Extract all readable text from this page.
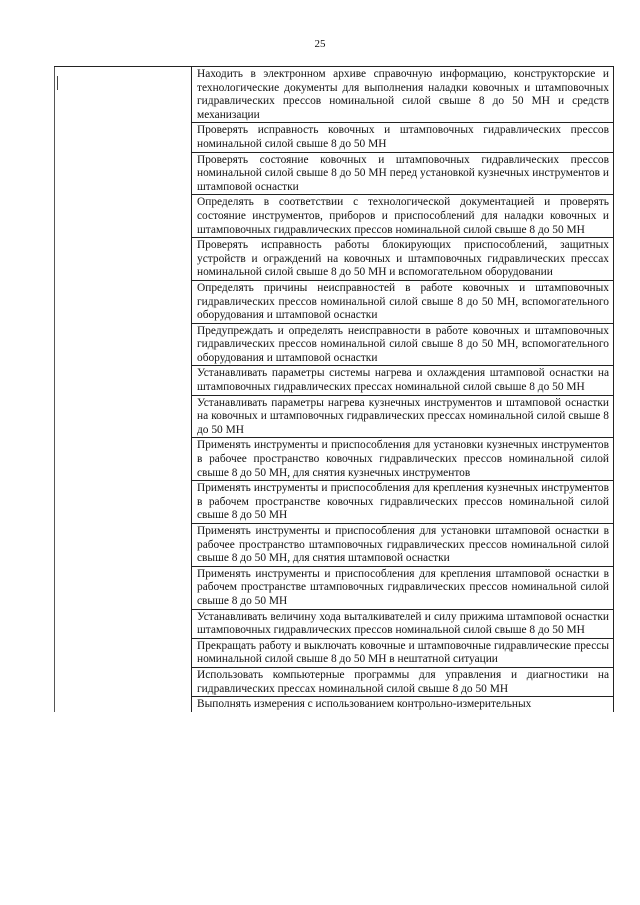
25
	Находить в электронном архиве справочную информацию, конструкторские и технологические документы для выполнения наладки ковочных и штамповочных гидравлических прессов номинальной силой свыше 8 до 50 МН и средств механизации
Проверять исправность ковочных и штамповочных гидравлических прессов номинальной силой свыше 8 до 50 МН
Проверять состояние ковочных и штамповочных гидравлических прессов номинальной силой свыше 8 до 50 МН перед установкой кузнечных инструментов и штамповой оснастки
Определять в соответствии с технологической документацией и проверять состояние инструментов, приборов и приспособлений для наладки ковочных и штамповочных гидравлических прессов номинальной силой свыше 8 до 50 МН
Проверять исправность работы блокирующих приспособлений, защитных устройств и ограждений на ковочных и штамповочных гидравлических прессах номинальной силой свыше 8 до 50 МН и вспомогательном оборудовании
Определять причины неисправностей в работе ковочных и штамповочных гидравлических прессов номинальной силой свыше 8 до 50 МН, вспомогательного оборудования и штамповой оснастки
Предупреждать и определять неисправности в работе ковочных и штамповочных гидравлических прессов номинальной силой свыше 8 до 50 МН, вспомогательного оборудования и штамповой оснастки
Устанавливать параметры системы нагрева и охлаждения штамповой оснастки на штамповочных гидравлических прессах номинальной силой свыше 8 до 50 МН
Устанавливать параметры нагрева кузнечных инструментов и штамповой оснастки на ковочных и штамповочных гидравлических прессах номинальной силой свыше 8 до 50 МН
Применять инструменты и приспособления для установки кузнечных инструментов в рабочее пространство ковочных гидравлических прессов номинальной силой свыше 8 до 50 МН, для снятия кузнечных инструментов
Применять инструменты и приспособления для крепления кузнечных инструментов в рабочем пространстве ковочных гидравлических прессов номинальной силой свыше 8 до 50 МН
Применять инструменты и приспособления для установки штамповой оснастки в рабочее пространство штамповочных гидравлических прессов номинальной силой свыше 8 до 50 МН, для снятия штамповой оснастки
Применять инструменты и приспособления для крепления штамповой оснастки в рабочем пространстве штамповочных гидравлических прессов номинальной силой свыше 8 до 50 МН
Устанавливать величину хода выталкивателей и силу прижима штамповой оснастки штамповочных гидравлических прессов номинальной силой свыше 8 до 50 МН
Прекращать работу и выключать ковочные и штамповочные гидравлические прессы номинальной силой свыше 8 до 50 МН в нештатной ситуации
Использовать компьютерные программы для управления и диагностики на гидравлических прессах номинальной силой свыше 8 до 50 МН
Выполнять измерения с использованием контрольно-измерительных
